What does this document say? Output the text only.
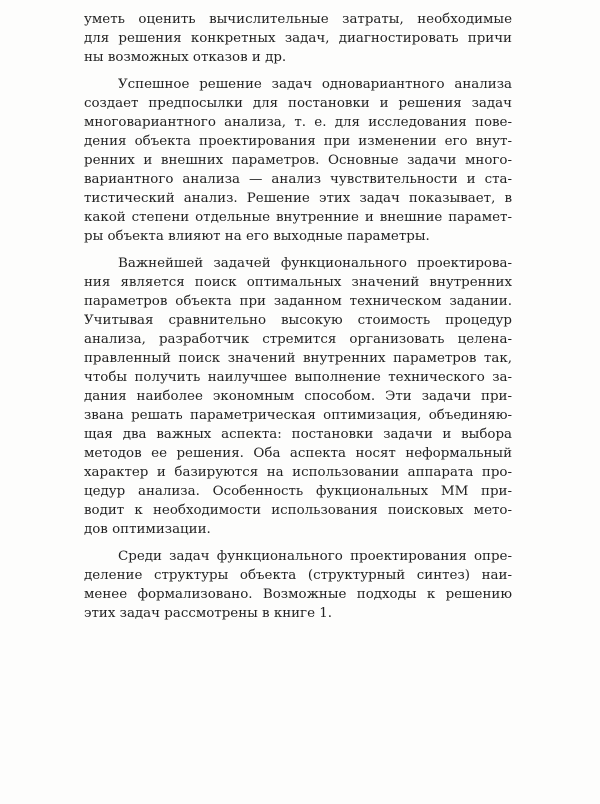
уметь оценить вычислительные затраты, необходимые
для решения конкретных задач, диагностировать причи
ны возможных отказов и др.
Успешное решение задач одновариантного анализа
создает предпосылки для постановки и решения задач
многовариантного анализа, т. е. для исследования пове-
дения объекта проектирования при изменении его внут-
ренних и внешних параметров. Основные задачи много-
вариантного анализа — анализ чувствительности и ста-
тистический анализ. Решение этих задач показывает, в
какой степени отдельные внутренние и внешние парамет-
ры объекта влияют на его выходные параметры.
Важнейшей задачей функционального проектирова-
ния является поиск оптимальных значений внутренних
параметров объекта при заданном техническом задании.
Учитывая сравнительно высокую стоимость процедур
анализа, разработчик стремится организовать целена-
правленный поиск значений внутренних параметров так,
чтобы получить наилучшее выполнение технического за-
дания наиболее экономным способом. Эти задачи при-
звана решать параметрическая оптимизация, объединяю-
щая два важных аспекта: постановки задачи и выбора
методов ее решения. Оба аспекта носят неформальный
характер и базируются на использовании аппарата про-
цедур анализа. Особенность фукциональных ММ при-
водит к необходимости использования поисковых мето-
дов оптимизации.
Среди задач функционального проектирования опре-
деление структуры объекта (структурный синтез) наи-
менее формализовано. Возможные подходы к решению
этих задач рассмотрены в книге 1.
